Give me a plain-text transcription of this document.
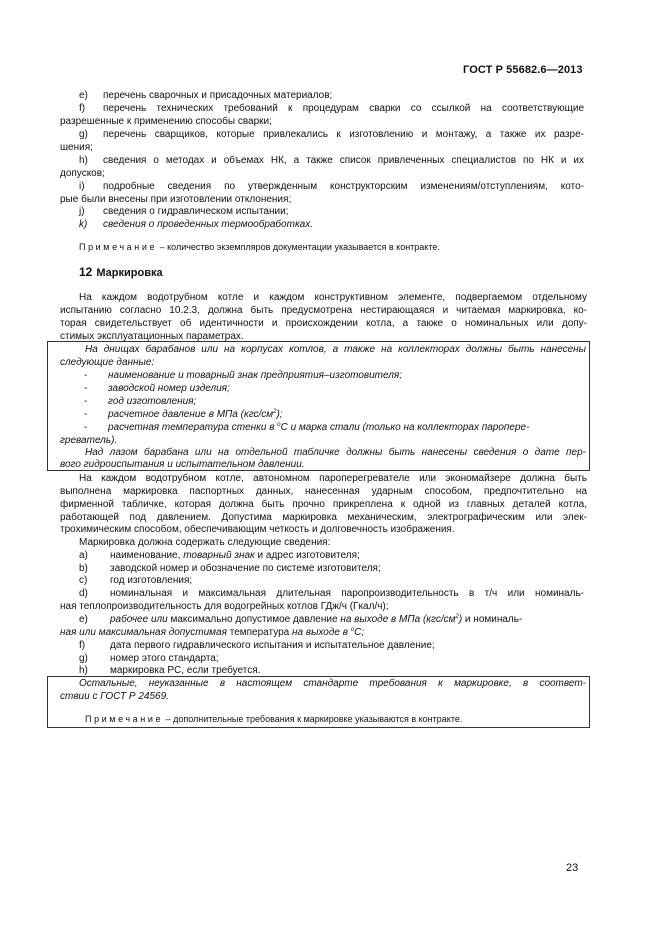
ГОСТ Р 55682.6—2013
e) перечень сварочных и присадочных материалов;
f) перечень технических требований к процедурам сварки со ссылкой на соответствующие
разрешенные к применению способы сварки;
g) перечень сварщиков, которые привлекались к изготовлению и монтажу, а также их разре-
шения;
h) сведения о методах и объемах НК, а также список привлеченных специалистов по НК и их
допусков;
i) подробные сведения по утвержденным конструкторским изменениям/отступлениям, кото-
рые были внесены при изготовлении отклонения;
j) сведения о гидравлическом испытании;
k) сведения о проведенных термообработках.
Примечание – количество экземпляров документации указывается в контракте.
12 Маркировка
На каждом водотрубном котле и каждом конструктивном элементе, подвергаемом отдельному
испытанию согласно 10.2.3, должна быть предусмотрена нестирающаяся и читаемая маркировка, ко-
торая свидетельствует об идентичности и происхождении котла, а также о номинальных или допу-
стимых эксплуатационных параметрах.
На днищах барабанов или на корпусах котлов, а также на коллекторах должны быть нанесены
следующие данные:
- наименование и товарный знак предприятия–изготовителя;
- заводской номер изделия;
- год изготовления;
- расчетное давление в МПа $(кгс/см^2)$;
- расчетная температура стенки в $^o$C и марка стали (только на коллекторах паропере-
греватель).
Над лазом барабана или на отдельной табличке должны быть нанесены сведения о дате пер-
вого гидроиспытания и испытательном давлении.
На каждом водотрубном котле, автономном пароперегревателе или экономайзере должна быть
выполнена маркировка паспортных данных, нанесенная ударным способом, предпочтительно на
фирменной табличке, которая должна быть прочно прикреплена к одной из главных деталей котла,
работающей под давлением. Допустима маркировка механическим, электрографическим или элек-
трохимическим способом, обеспечивающим четкость и долговечность изображения.
Маркировка должна содержать следующие сведения:
a) наименование, товарный знак и адрес изготовителя;
b) заводской номер и обозначение по системе изготовителя;
c) год изготовления;
d) номинальная и максимальная длительная паропроизводительность в т/ч или номиналь-
ная теплопроизводительность для водогрейных котлов ГДж/ч (Гкал/ч);
e) рабочее или максимально допустимое давление на выходе в МПа $(кгс/см^2)$ и номиналь-
ная или максимальная допустимая температура на выходе в $^o$C;
f) дата первого гидравлического испытания и испытательное давление;
g) номер этого стандарта;
h) маркировка PC, если требуется.
Остальные, неуказанные в настоящем стандарте требования к маркировке, в соответ-
ствии с ГОСТ Р 24569.
Примечание – дополнительные требования к маркировке указываются в контракте.
23
